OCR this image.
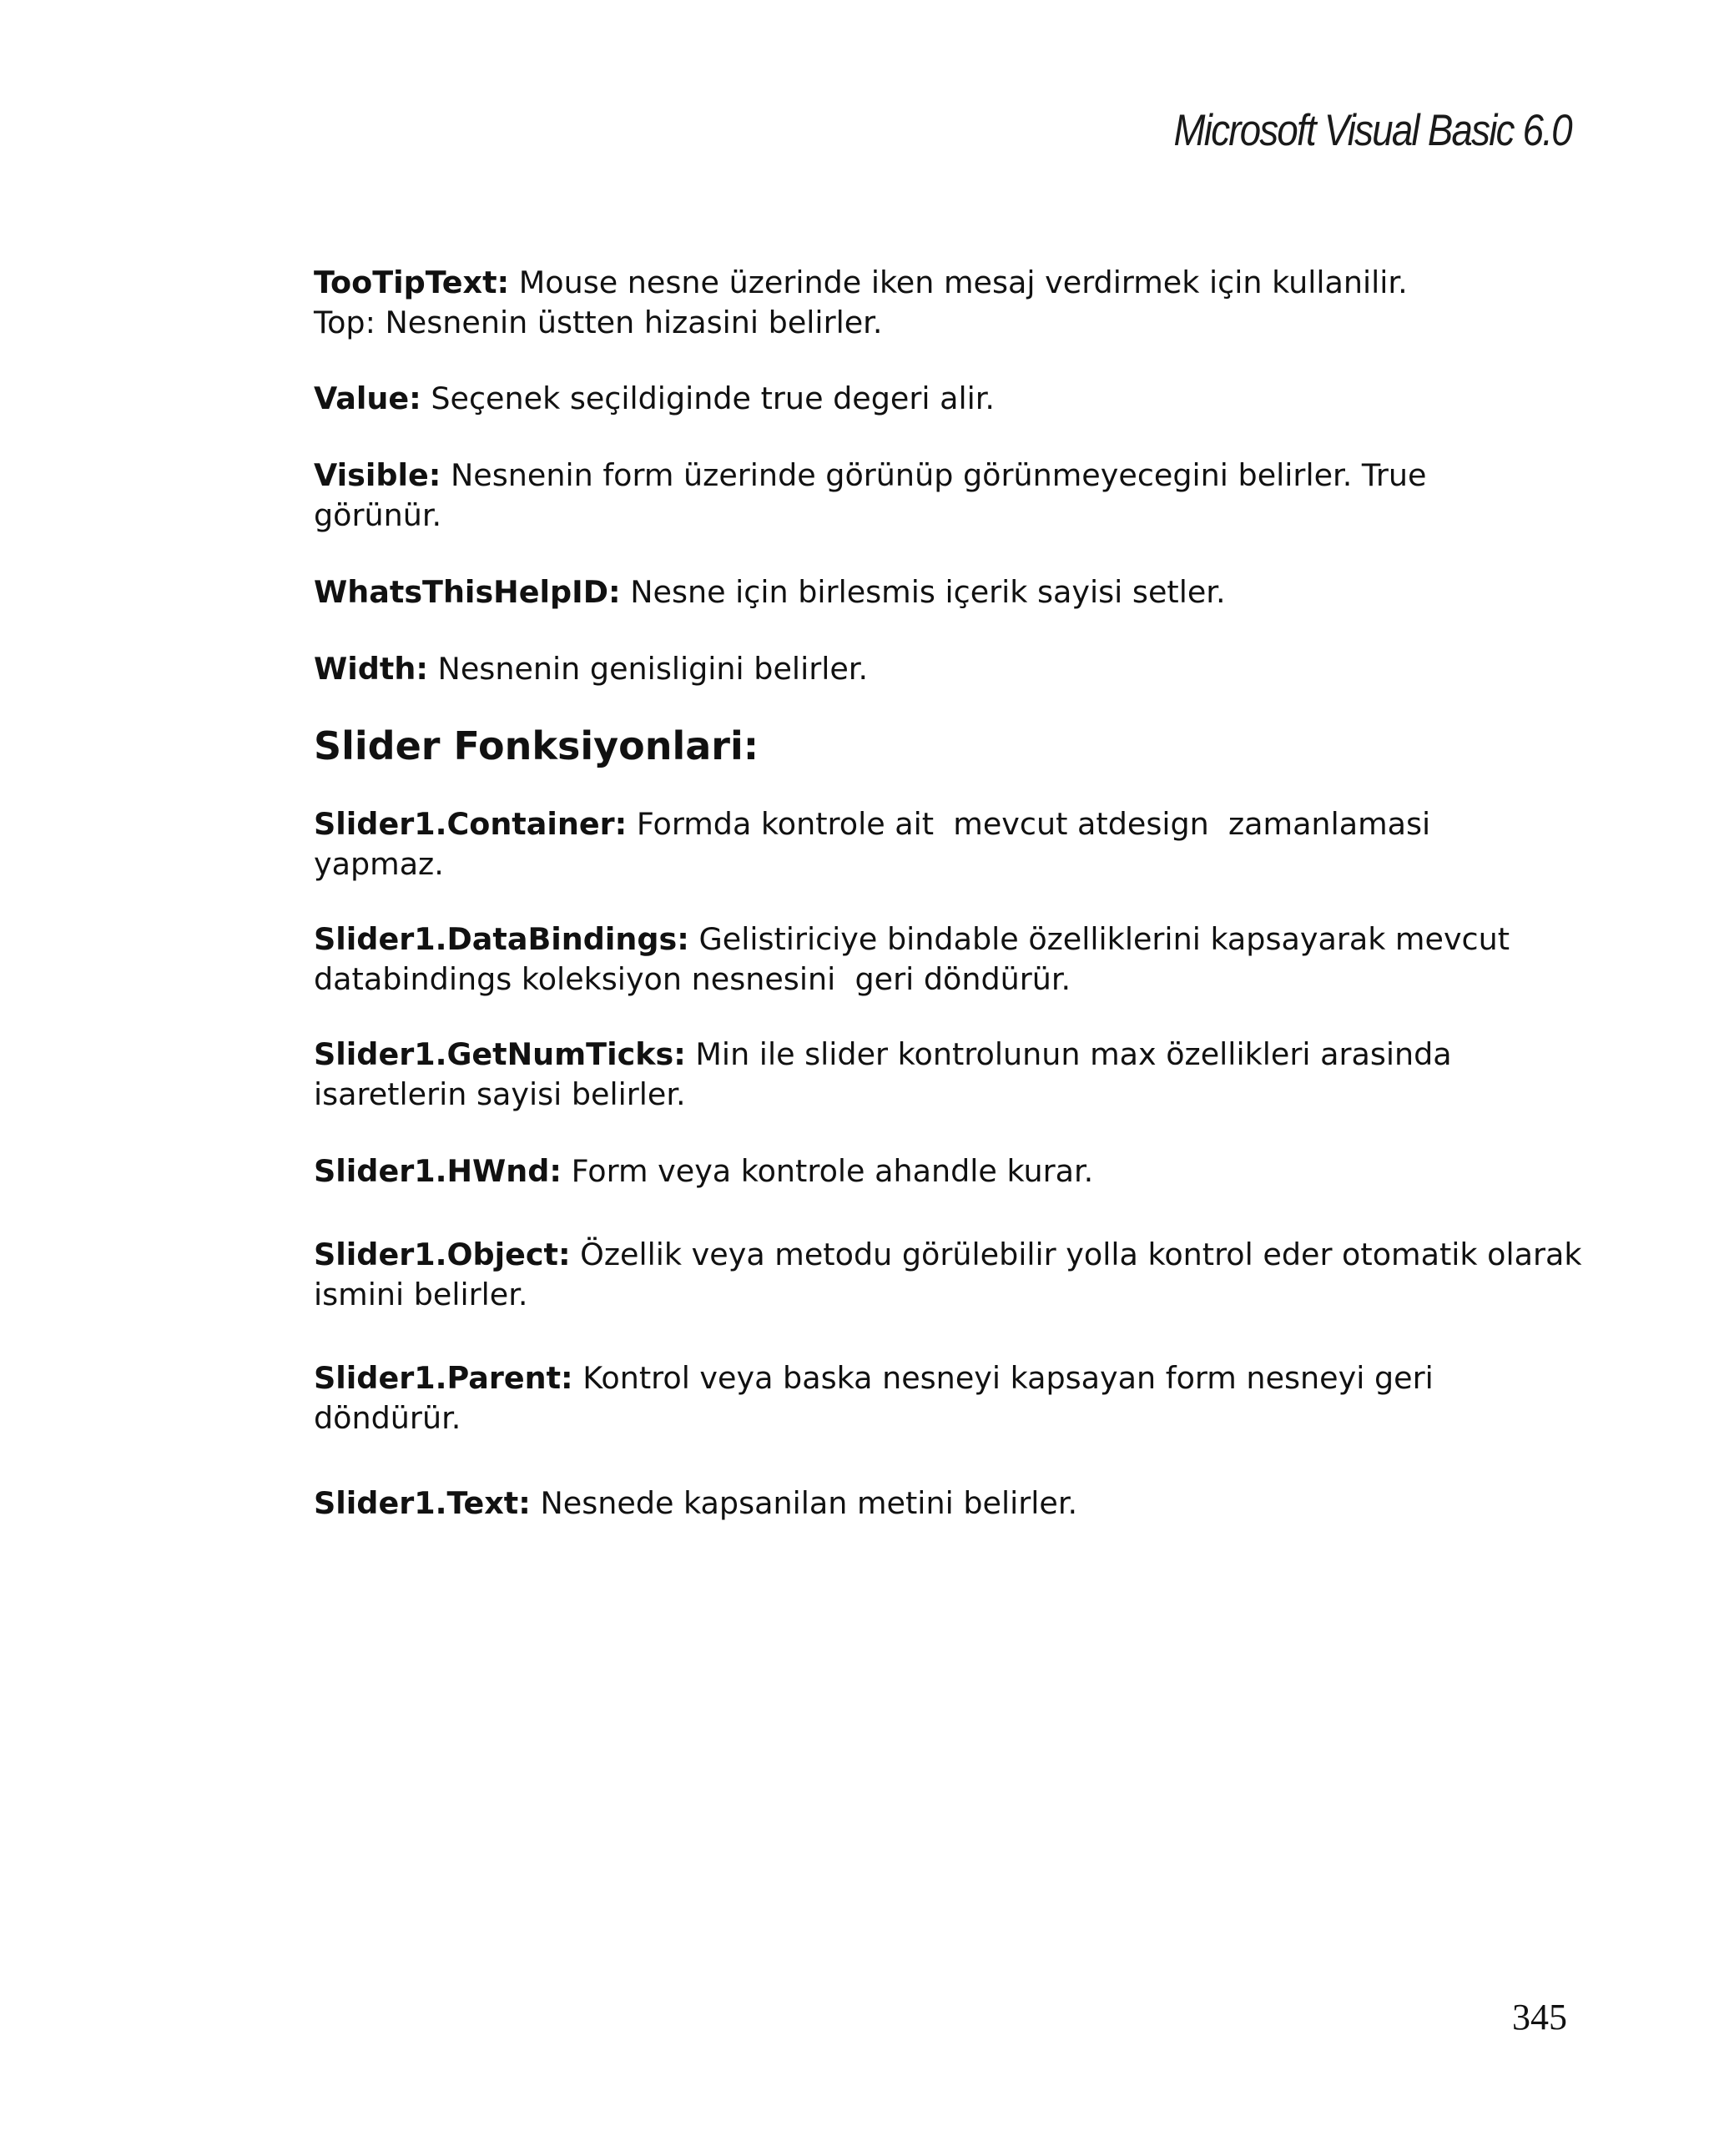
Microsoft Visual Basic 6.0

TooTipText: Mouse nesne üzerinde iken mesaj verdirmek için kullanilir.

Top: Nesnenin üstten hizasini belirler.

Value: Seçenek seçildiginde true degeri alir.

Visible: Nesnenin form üzerinde görünüp görünmeyecegini belirler. True görünür.

WhatsThisHelpID: Nesne için birlesmis içerik sayisi setler.

Width: Nesnenin genisligini belirler.

Slider Fonksiyonlari:

Slider1.Container: Formda kontrole ait  mevcut atdesign  zamanlamasi yapmaz.

Slider1.DataBindings: Gelistiriciye bindable özelliklerini kapsayarak mevcut databindings koleksiyon nesnesini  geri döndürür.

Slider1.GetNumTicks: Min ile slider kontrolunun max özellikleri arasinda isaretlerin sayisi belirler.

Slider1.HWnd: Form veya kontrole ahandle kurar.

Slider1.Object: Özellik veya metodu görülebilir yolla kontrol eder otomatik olarak ismini belirler.

Slider1.Parent: Kontrol veya baska nesneyi kapsayan form nesneyi geri döndürür.

Slider1.Text: Nesnede kapsanilan metini belirler.

345
